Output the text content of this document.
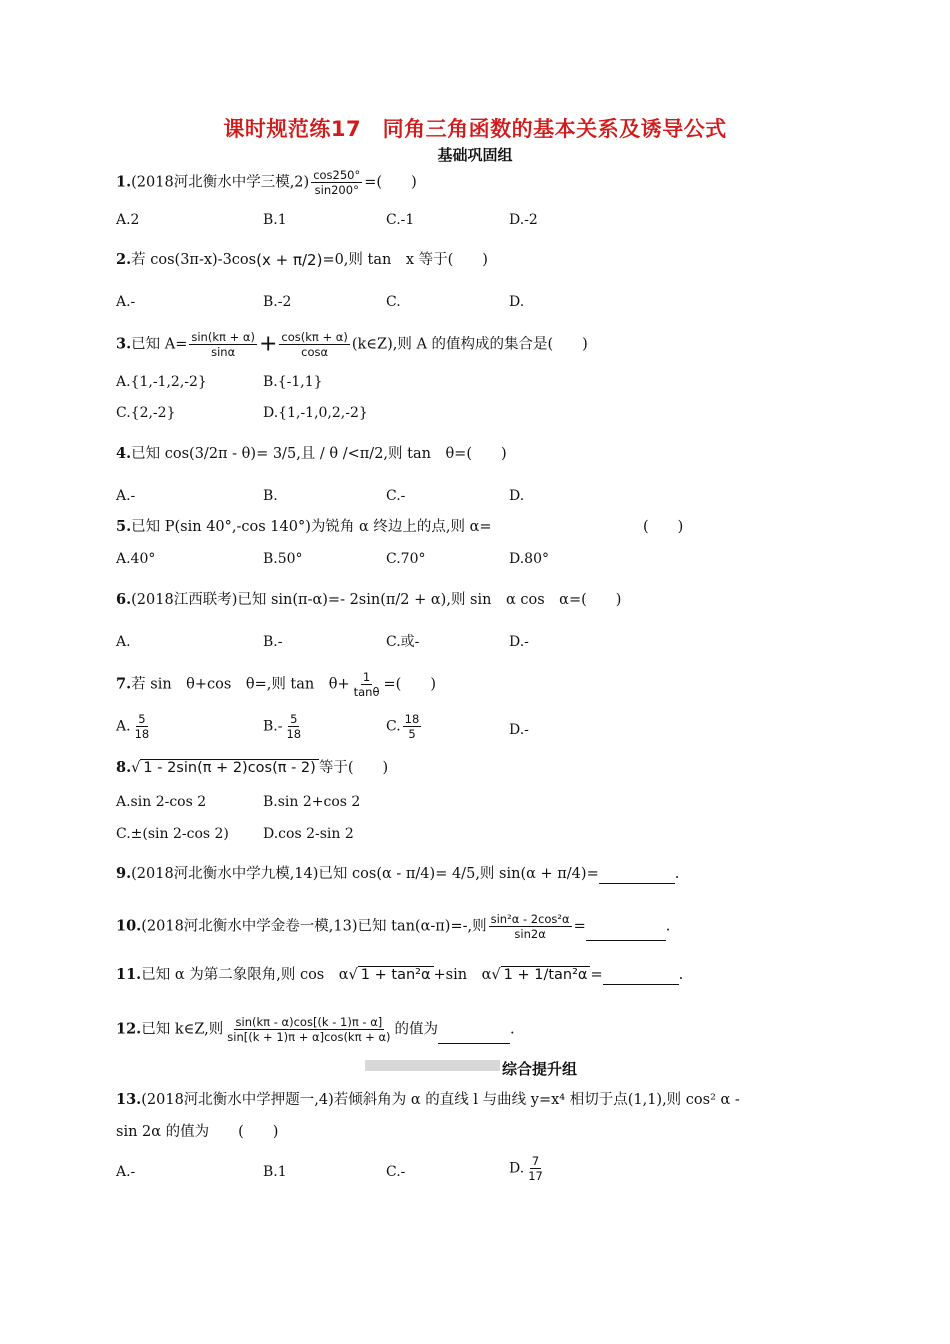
课时规范练17　同角三角函数的基本关系及诱导公式
基础巩固组
1.(2018河北衡水中学三模$,2) \frac{\cos 250^\circ}{\sin 200^\circ}$ =(　　)
A.2	B.1	C.-1	D.-2
2.若 cos(3π-x)-3cos(x + π/2)=0,则 tan　x 等于(　　)
A.-	B.-2	C.	D.
3.已知 $A= \frac{\sin(k\pi + \alpha)}{\sin\alpha} + \frac{\cos(k\pi + \alpha)}{\cos\alpha}$ (k∈Z),则 A 的值构成的集合是(　　)
A.{1,-1,2,-2}	B.{-1,1}
C.{2,-2}	D.{1,-1,0,2,-2}
4.已知 cos(3/2π - θ)= 3/5,且 / θ /<π/2,则 tan　θ=(　　)
A.-	B.	C.-	D.
5.已知 P(sin 40°,-cos 140°)为锐角 α 终边上的点,则 α=	(　　)
A.40°	B.50°	C.70°	D.80°
6.(2018江西联考)已知 sin(π-α)=- 2sin(π/2 + α),则 sin　α cos　α=(　　)
A.	B.-	C.或-	D.-
7.若 sin　θ+cos　θ=,则 tan　$\theta+ \frac{1}{\tan\theta}$ =(　　)
A. $\frac{5}{18}$	$B.- \frac{5}{18}$	C. $\frac{18}{5}$	D.-
8.√ 1 - 2sin(π + 2)cos(π - 2) 等于(　　)
A.sin 2-cos 2	B.sin 2+cos 2
C.±(sin 2-cos 2) D.cos 2-sin 2
9.(2018河北衡水中学九模,14)已知 cos(α - π/4)= 4/5,则 sin(α + π/4)=	.
10.(2018河北衡水中学金卷一模,13)已知 tan(α-π)=-,则 $\frac{\text{sin²α - 2cos²α}}{\sin 2\alpha}$ =	.
11.已知 α 为第二象限角,则 cos　α√ 1 + tan²α +sin　α√ 1 + 1/tan²α =	.
12.已知 k∈Z,则 $\frac{\sin(k\pi - \alpha)\cos[(k - 1)\pi - \alpha]}{\sin[(k + 1)\pi + \alpha]\cos(k\pi + \alpha)}$ 的值为	.
综合提升组
13.(2018河北衡水中学押题一,4)若倾斜角为 α 的直线 l 与曲线 y=x⁴ 相切于点(1,1),则 cos² α -
sin 2α 的值为　　(　　)
A.-	B.1	C.-	D. $\frac{7}{17}$
